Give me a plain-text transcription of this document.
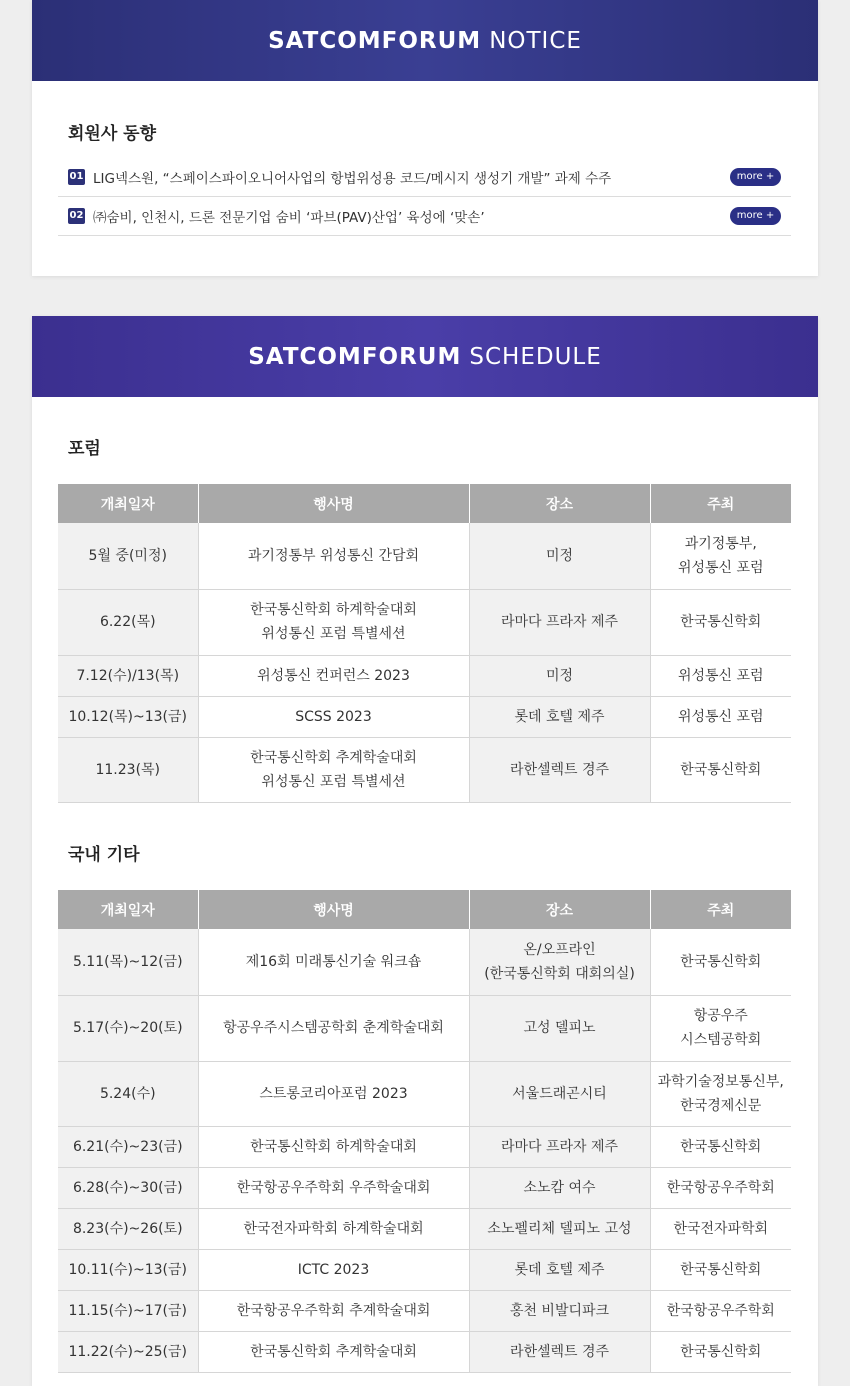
SATCOMFORUM NOTICE
회원사 동향
01 LIG넥스원, “스페이스파이오니어사업의 항법위성용 코드/메시지 생성기 개발” 과제 수주	more +
02 ㈜숨비, 인천시, 드론 전문기업 숨비 ‘파브(PAV)산업’ 육성에 ‘맞손’	more +
SATCOMFORUM SCHEDULE
포럼
개최일자	행사명	장소	주최
5월 중(미정)	과기정통부 위성통신 간담회	미정	과기정통부,
위성통신 포럼
6.22(목)	한국통신학회 하계학술대회
위성통신 포럼 특별세션	라마다 프라자 제주	한국통신학회
7.12(수)/13(목)	위성통신 컨퍼런스 2023	미정	위성통신 포럼
10.12(목)~13(금)	SCSS 2023	롯데 호텔 제주	위성통신 포럼
11.23(목)	한국통신학회 추계학술대회
위성통신 포럼 특별세션	라한셀렉트 경주	한국통신학회
국내 기타
개최일자	행사명	장소	주최
5.11(목)~12(금)	제16회 미래통신기술 워크숍	온/오프라인
(한국통신학회 대회의실)	한국통신학회
5.17(수)~20(토)	항공우주시스템공학회 춘계학술대회	고성 델피노	항공우주
시스템공학회
5.24(수)	스트롱코리아포럼 2023	서울드래곤시티	과학기술정보통신부,
한국경제신문
6.21(수)~23(금)	한국통신학회 하계학술대회	라마다 프라자 제주	한국통신학회
6.28(수)~30(금)	한국항공우주학회 우주학술대회	소노캄 여수	한국항공우주학회
8.23(수)~26(토)	한국전자파학회 하계학술대회	소노펠리체 델피노 고성	한국전자파학회
10.11(수)~13(금)	ICTC 2023	롯데 호텔 제주	한국통신학회
11.15(수)~17(금)	한국항공우주학회 추계학술대회	홍천 비발디파크	한국항공우주학회
11.22(수)~25(금)	한국통신학회 추계학술대회	라한셀렉트 경주	한국통신학회
